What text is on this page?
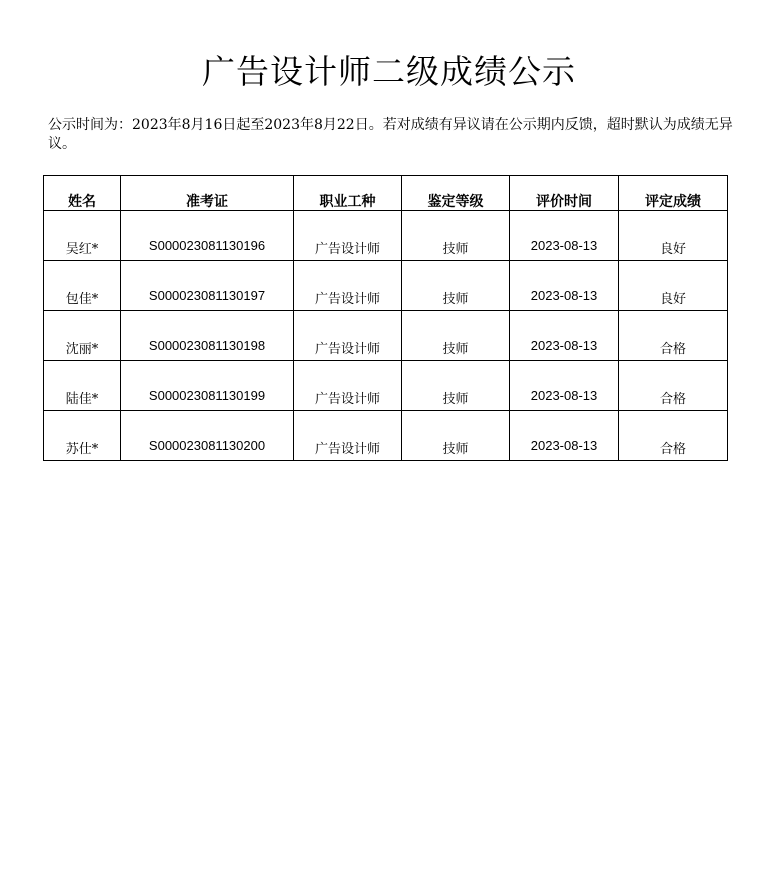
广告设计师二级成绩公示
公示时间为：2023年8月16日起至2023年8月22日。若对成绩有异议请在公示期内反馈，超时默认为成绩无异议。
姓名	准考证	职业工种	鉴定等级	评价时间	评定成绩
吴红*	S000023081130196	广告设计师	技师	2023-08-13	良好
包佳*	S000023081130197	广告设计师	技师	2023-08-13	良好
沈丽*	S000023081130198	广告设计师	技师	2023-08-13	合格
陆佳*	S000023081130199	广告设计师	技师	2023-08-13	合格
苏仕*	S000023081130200	广告设计师	技师	2023-08-13	合格
